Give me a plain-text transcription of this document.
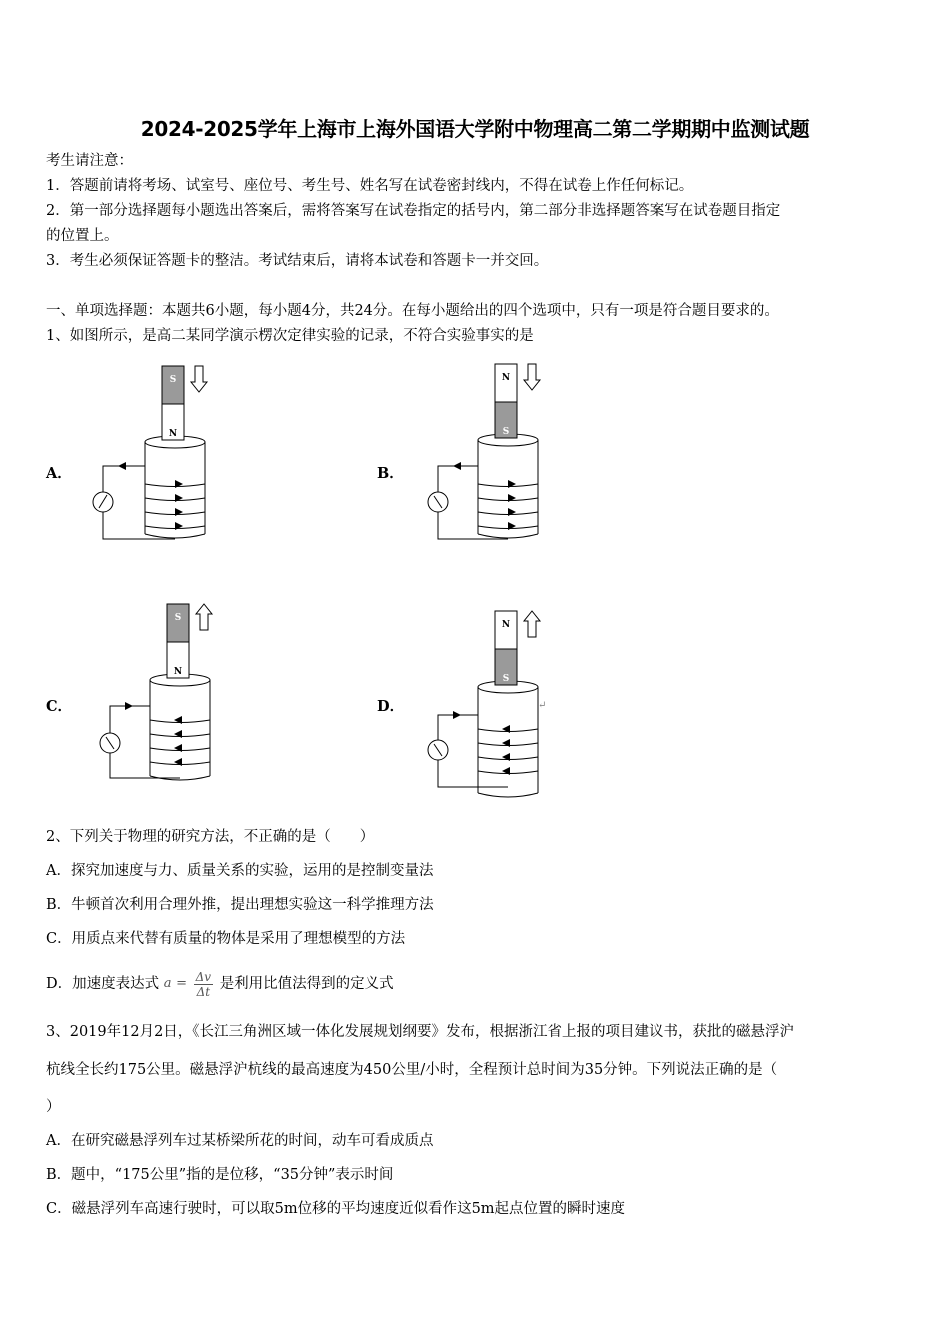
2024-2025学年上海市上海外国语大学附中物理高二第二学期期中监测试题
考生请注意：
1．答题前请将考场、试室号、座位号、考生号、姓名写在试卷密封线内，不得在试卷上作任何标记。
2．第一部分选择题每小题选出答案后，需将答案写在试卷指定的括号内，第二部分非选择题答案写在试卷题目指定
的位置上。
3．考生必须保证答题卡的整洁。考试结束后，请将本试卷和答题卡一并交回。
一、单项选择题：本题共6小题，每小题4分，共24分。在每小题给出的四个选项中，只有一项是符合题目要求的。
1、如图所示，是高二某同学演示楞次定律实验的记录，不符合实验事实的是
A．
S
N
B．
N
S
C．
S
N
D．
N
S
↵
2、下列关于物理的研究方法，不正确的是（　　）
A．探究加速度与力、质量关系的实验，运用的是控制变量法
B．牛顿首次利用合理外推，提出理想实验这一科学推理方法
C．用质点来代替有质量的物体是采用了理想模型的方法
D．加速度表达式 $a = \frac{\Delta v}{\Delta t}$ 是利用比值法得到的定义式
3、2019年12月2日，《长江三角洲区域一体化发展规划纲要》发布，根据浙江省上报的项目建议书，获批的磁悬浮沪
杭线全长约175公里。磁悬浮沪杭线的最高速度为450公里/小时，全程预计总时间为35分钟。下列说法正确的是（
）
A．在研究磁悬浮列车过某桥梁所花的时间，动车可看成质点
B．题中，“175公里”指的是位移，“35分钟”表示时间
C．磁悬浮列车高速行驶时，可以取5m位移的平均速度近似看作这5m起点位置的瞬时速度
